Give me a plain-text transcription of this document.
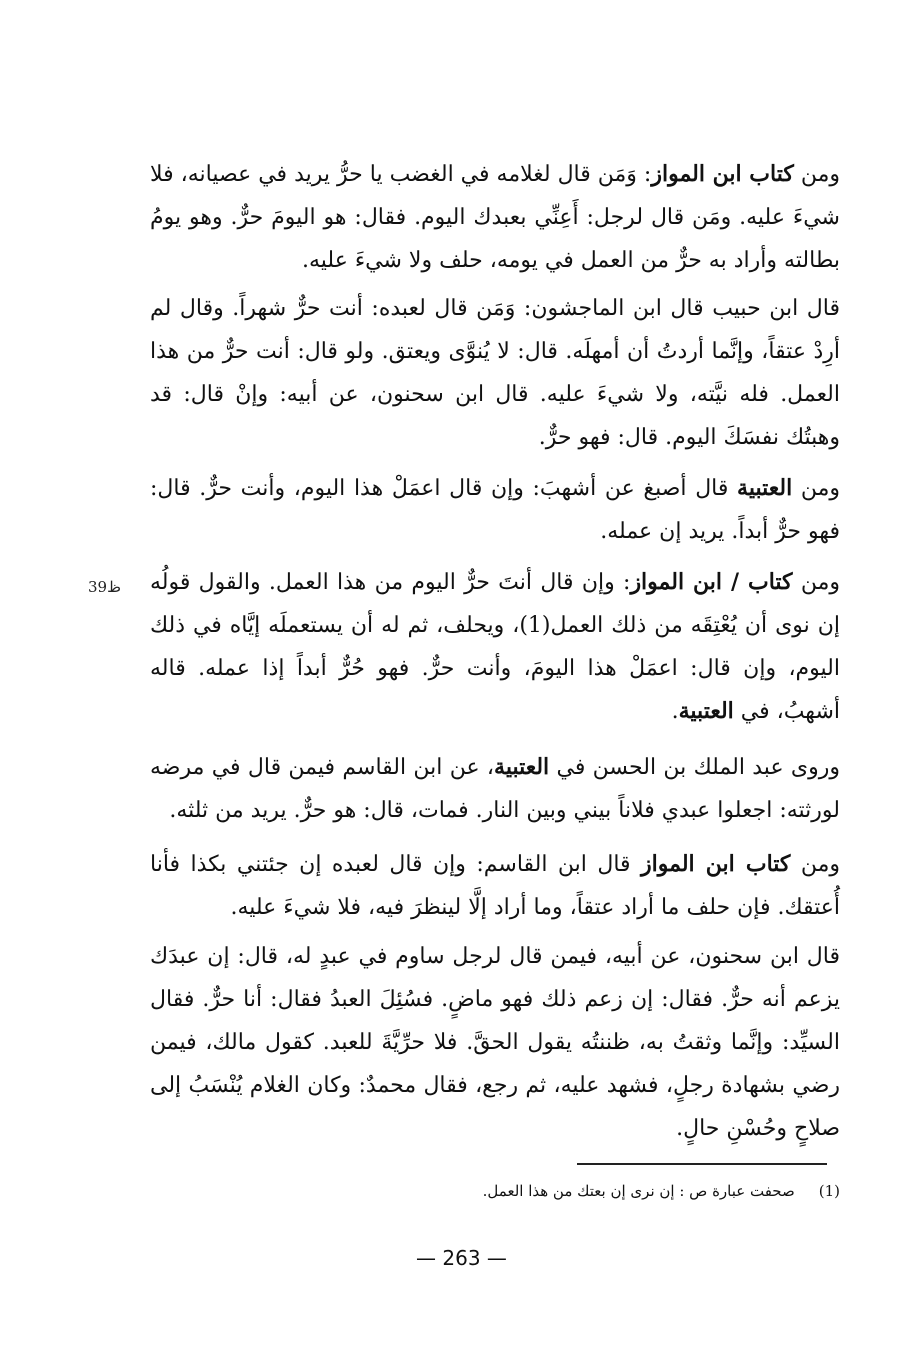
ومن كتاب ابن المواز: وَمَن قال لغلامه في الغضب يا حرُّ يريد في عصيانه، فلا شيءَ عليه. ومَن قال لرجل: أَعِنِّي بعبدك اليوم. فقال: هو اليومَ حرٌّ. وهو يومُ بطالته وأراد به حرٌّ من العمل في يومه، حلف ولا شيءَ عليه.

قال ابن حبيب قال ابن الماجشون: وَمَن قال لعبده: أنت حرٌّ شهراً. وقال لم أرِدْ عتقاً، وإنَّما أردتُ أن أمهلَه. قال: لا يُنوَّى ويعتق. ولو قال: أنت حرٌّ من هذا العمل. فله نيَّته، ولا شيءَ عليه. قال ابن سحنون، عن أبيه: وإنْ قال: قد وهبتُك نفسَكَ اليوم. قال: فهو حرٌّ.

ومن العتبية قال أصبغ عن أشهبَ: وإن قال اعمَلْ هذا اليوم، وأنت حرٌّ. قال: فهو حرٌّ أبداً. يريد إن عمله.

ومن كتاب / ابن المواز: وإن قال أنتَ حرٌّ اليوم من هذا العمل. والقول قولُه إن نوى أن يُعْتِقَه من ذلك العمل(1)، ويحلف، ثم له أن يستعملَه إيَّاه في ذلك اليوم، وإن قال: اعمَلْ هذا اليومَ، وأنت حرٌّ. فهو حُرٌّ أبداً إذا عمله. قاله أشهبُ، في العتبية.

وروى عبد الملك بن الحسن في العتبية، عن ابن القاسم فيمن قال في مرضه لورثته: اجعلوا عبدي فلاناً بيني وبين النار. فمات، قال: هو حرٌّ. يريد من ثلثه.

ومن كتاب ابن المواز قال ابن القاسم: وإن قال لعبده إن جئتني بكذا فأنا أُعتقك. فإن حلف ما أراد عتقاً، وما أراد إلَّا لينظرَ فيه، فلا شيءَ عليه.

قال ابن سحنون، عن أبيه، فيمن قال لرجل ساوم في عبدٍ له، قال: إن عبدَك يزعم أنه حرٌّ. فقال: إن زعم ذلك فهو ماضٍ. فسُئِلَ العبدُ فقال: أنا حرٌّ. فقال السيِّد: وإنَّما وثقتُ به، ظننتُه يقول الحقَّ. فلا حرِّيَّةَ للعبد. كقول مالك، فيمن رضي بشهادة رجلٍ، فشهد عليه، ثم رجع، فقال محمدٌ: وكان الغلام يُنْسَبُ إلى صلاحٍ وحُسْنِ حالٍ.

ظ39
(1)صحفت عبارة ص : إن نرى إن بعتك من هذا العمل.
— 263 —
